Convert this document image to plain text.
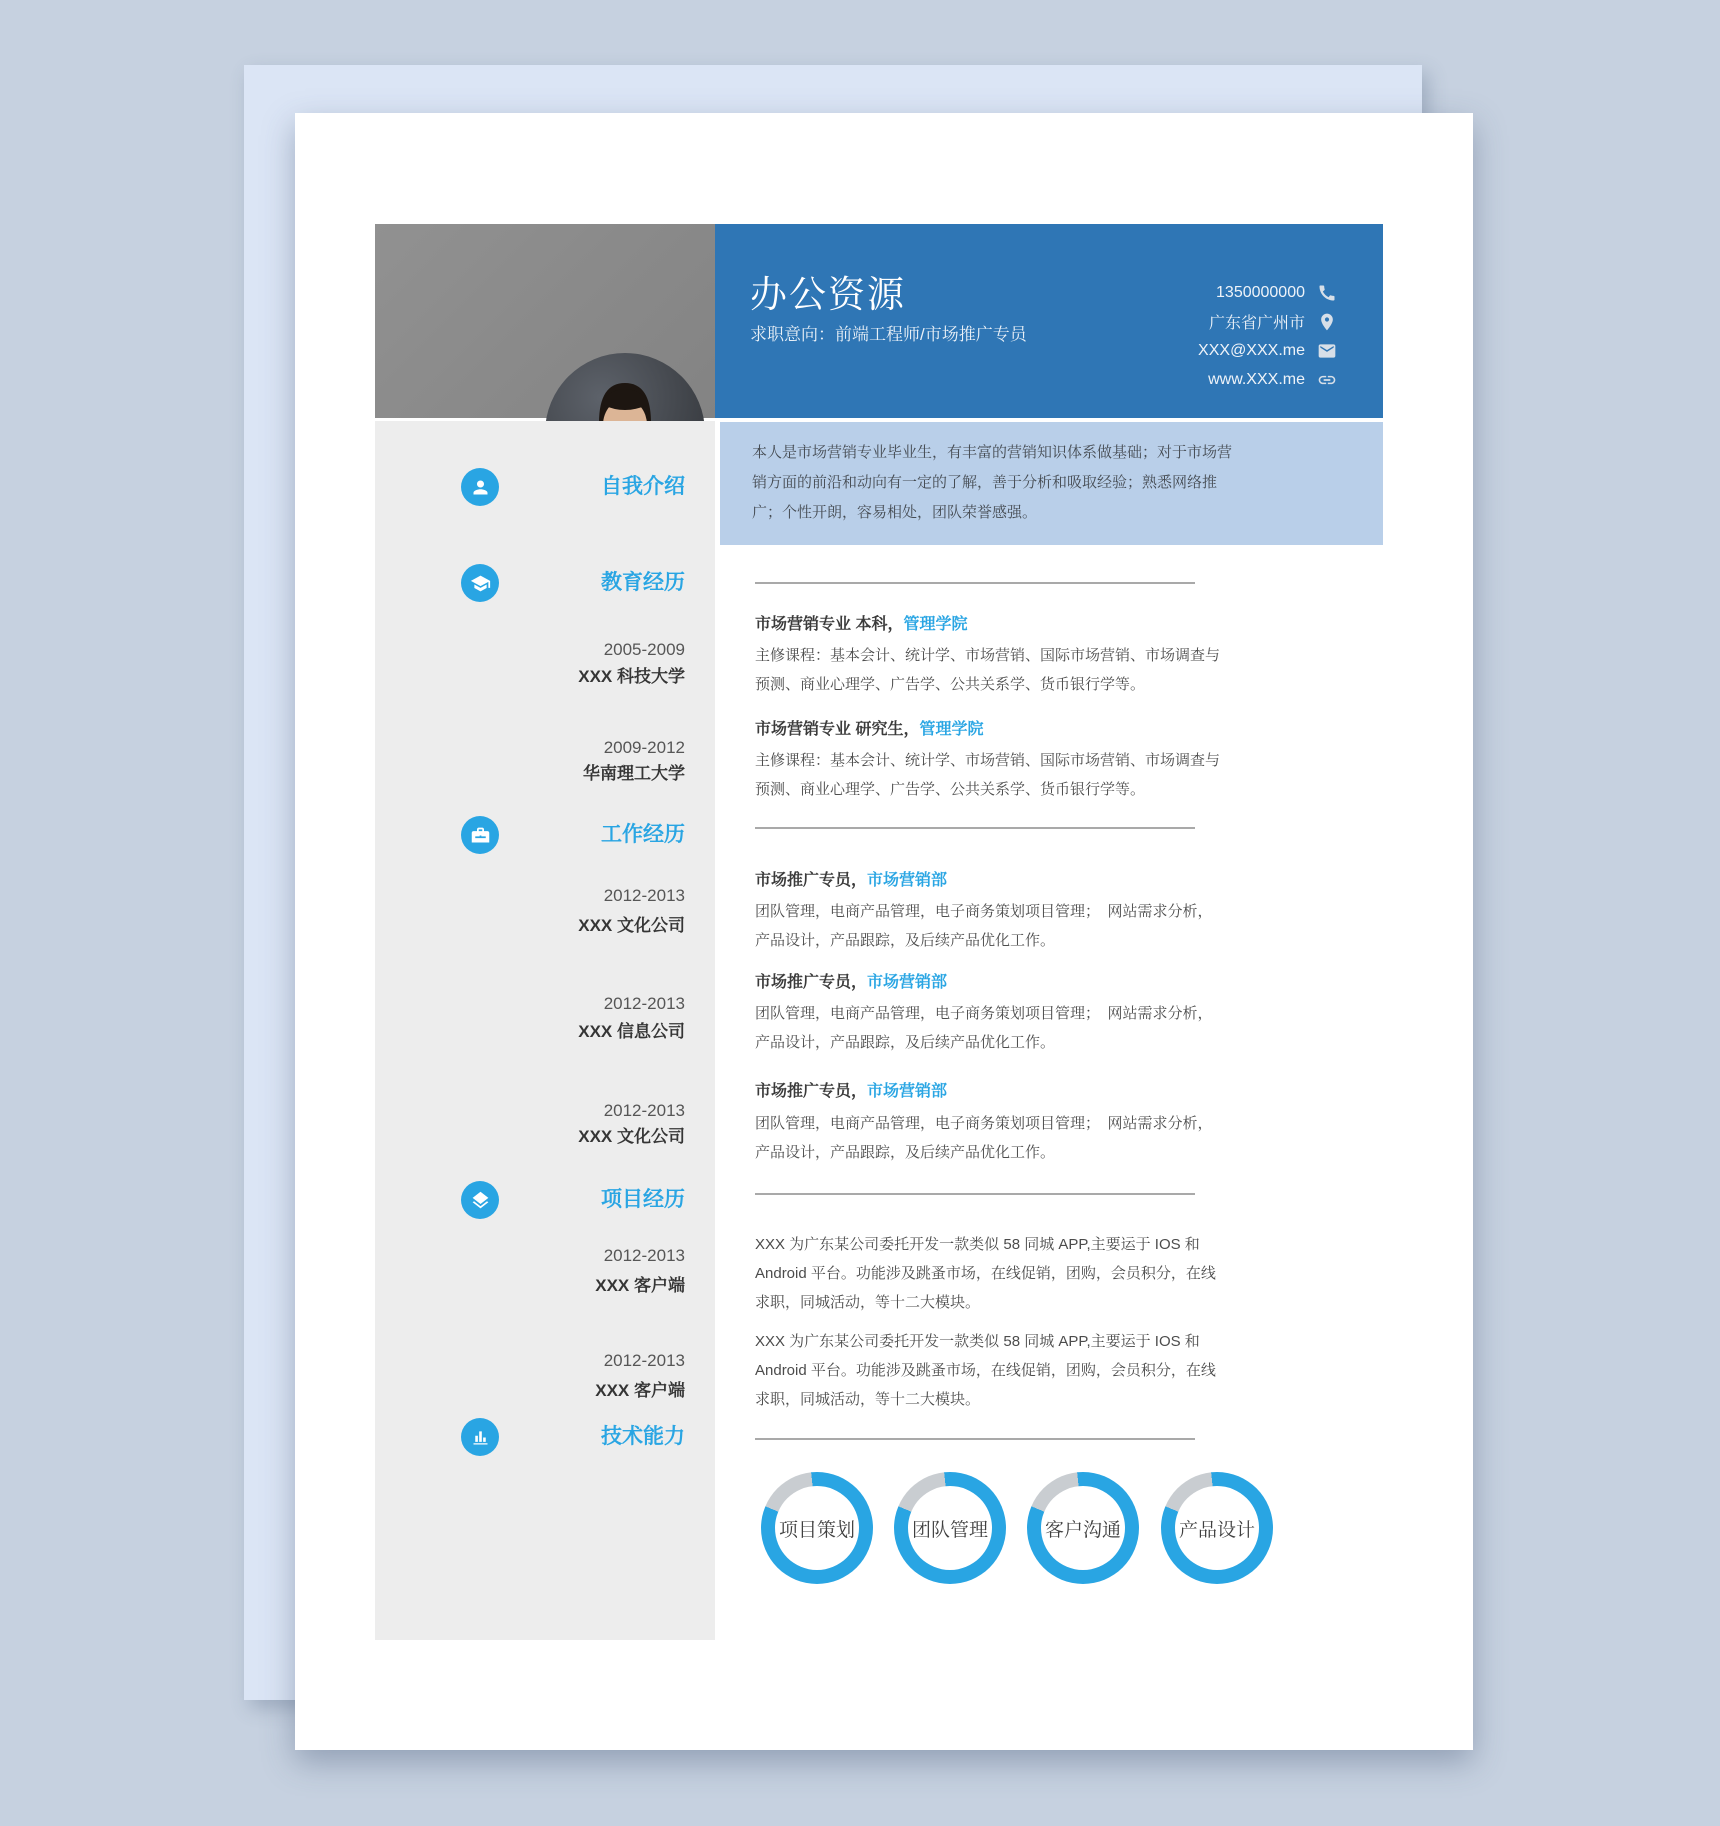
办公资源
求职意向：前端工程师/市场推广专员
1350000000
广东省广州市
XXX@XXX.me
www.XXX.me
本人是市场营销专业毕业生，有丰富的营销知识体系做基础；对于市场营销方面的前沿和动向有一定的了解，善于分析和吸取经验；熟悉网络推广；个性开朗，容易相处，团队荣誉感强。
自我介绍
教育经历
2005-2009
XXX 科技大学
2009-2012
华南理工大学
工作经历
2012-2013
XXX 文化公司
2012-2013
XXX 信息公司
2012-2013
XXX 文化公司
项目经历
2012-2013
XXX 客户端
2012-2013
XXX 客户端
技术能力
市场营销专业 本科，管理学院
主修课程：基本会计、统计学、市场营销、国际市场营销、市场调查与预测、商业心理学、广告学、公共关系学、货币银行学等。
市场营销专业 研究生，管理学院
主修课程：基本会计、统计学、市场营销、国际市场营销、市场调查与预测、商业心理学、广告学、公共关系学、货币银行学等。
市场推广专员，市场营销部
团队管理，电商产品管理，电子商务策划项目管理；　网站需求分析，产品设计，产品跟踪，及后续产品优化工作。
市场推广专员，市场营销部
团队管理，电商产品管理，电子商务策划项目管理；　网站需求分析，产品设计，产品跟踪，及后续产品优化工作。
市场推广专员，市场营销部
团队管理，电商产品管理，电子商务策划项目管理；　网站需求分析，产品设计，产品跟踪，及后续产品优化工作。
XXX 为广东某公司委托开发一款类似 58 同城 APP,主要运于 IOS 和 Android 平台。功能涉及跳蚤市场，在线促销，团购，会员积分，在线求职，同城活动，等十二大模块。
XXX 为广东某公司委托开发一款类似 58 同城 APP,主要运于 IOS 和 Android 平台。功能涉及跳蚤市场，在线促销，团购，会员积分，在线求职，同城活动，等十二大模块。
项目策划	团队管理	客户沟通	产品设计
